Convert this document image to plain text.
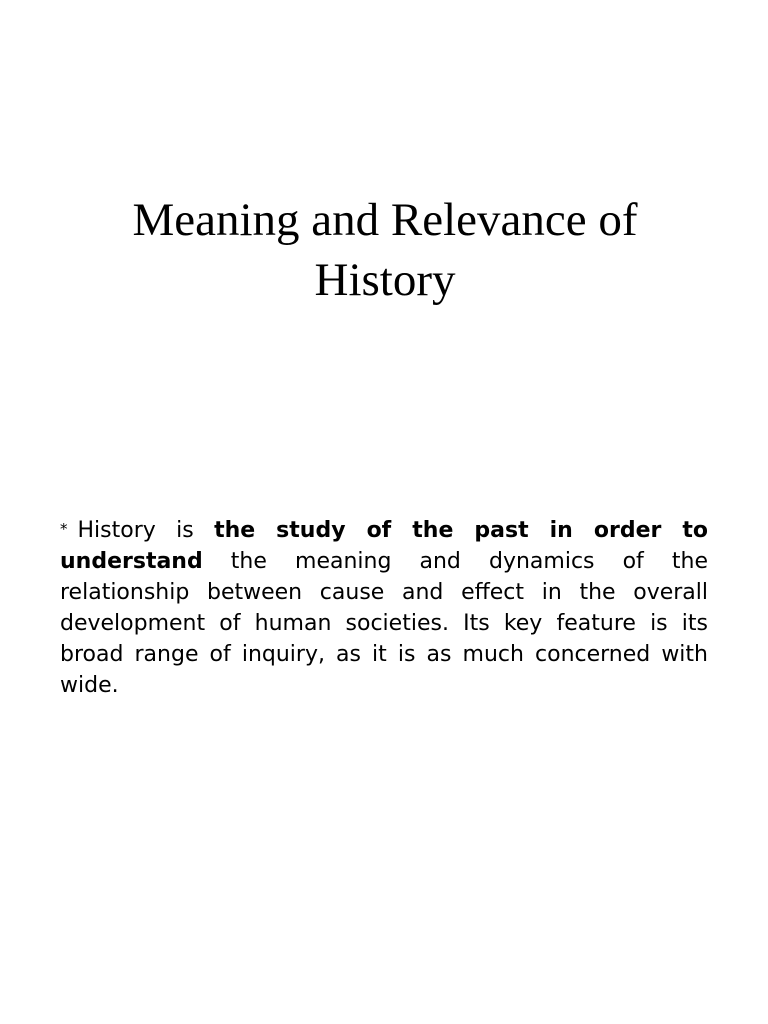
Meaning and Relevance of
History

* History is the study of the past in order to understand the meaning and dynamics of the relationship between cause and effect in the overall development of human societies. Its key feature is its broad range of inquiry, as it is as much concerned with wide.
